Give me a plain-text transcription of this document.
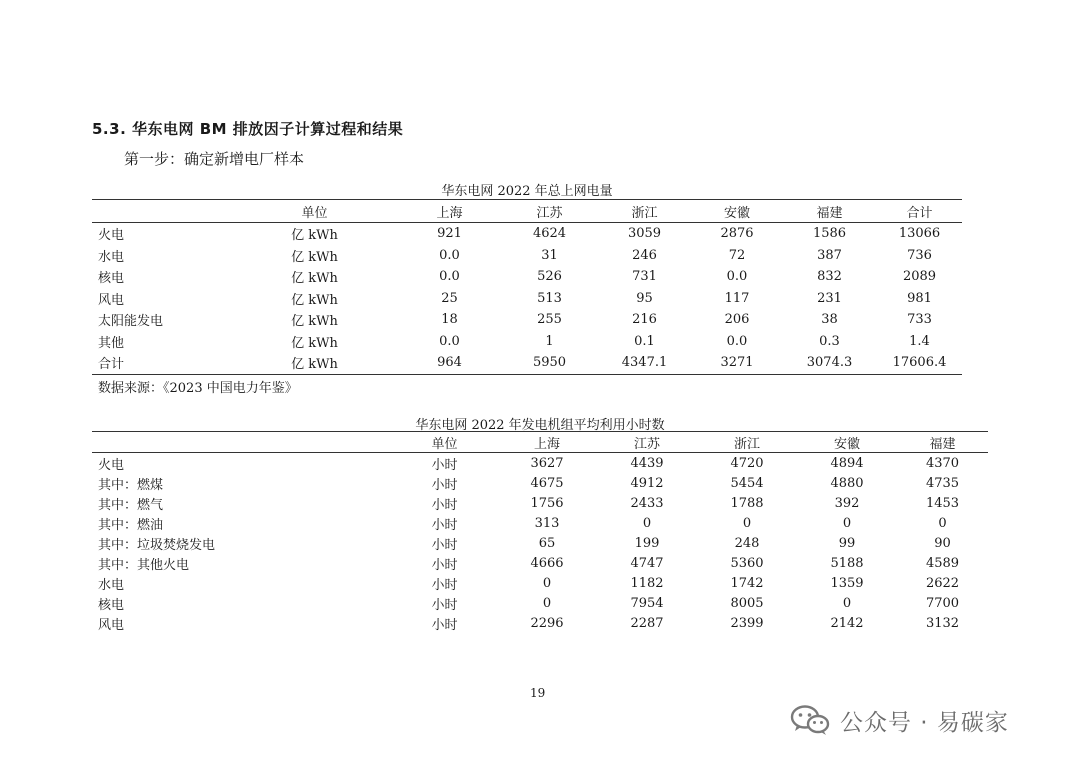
5.3. 华东电网 BM 排放因子计算过程和结果
第一步：确定新增电厂样本
华东电网 2022 年总上网电量
	单位	上海	江苏	浙江	安徽	福建	合计
火电	亿 kWh	921	4624	3059	2876	1586	13066
水电	亿 kWh	0.0	31	246	72	387	736
核电	亿 kWh	0.0	526	731	0.0	832	2089
风电	亿 kWh	25	513	95	117	231	981
太阳能发电	亿 kWh	18	255	216	206	38	733
其他	亿 kWh	0.0	1	0.1	0.0	0.3	1.4
合计	亿 kWh	964	5950	4347.1	3271	3074.3	17606.4
数据来源：《2023 中国电力年鉴》
华东电网 2022 年发电机组平均利用小时数
	单位	上海	江苏	浙江	安徽	福建
火电	小时	3627	4439	4720	4894	4370
其中：燃煤	小时	4675	4912	5454	4880	4735
其中：燃气	小时	1756	2433	1788	392	1453
其中：燃油	小时	313	0	0	0	0
其中：垃圾焚烧发电	小时	65	199	248	99	90
其中：其他火电	小时	4666	4747	5360	5188	4589
水电	小时	0	1182	1742	1359	2622
核电	小时	0	7954	8005	0	7700
风电	小时	2296	2287	2399	2142	3132
19
公众号 · 易碳家
